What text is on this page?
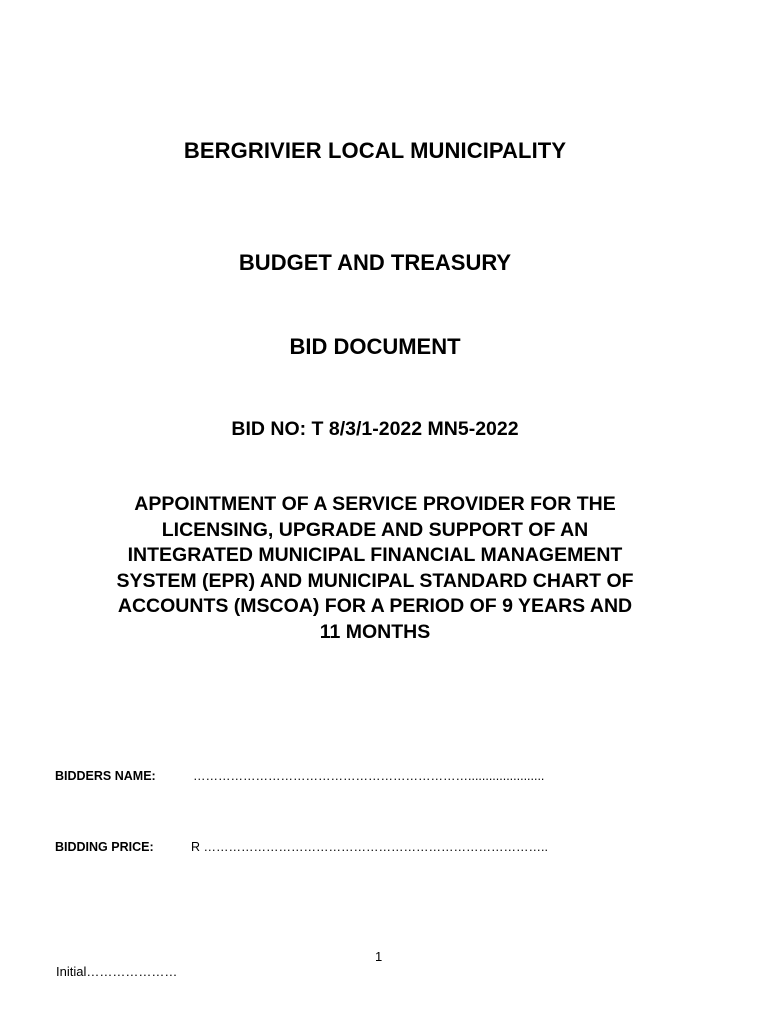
BERGRIVIER LOCAL MUNICIPALITY
BUDGET AND TREASURY
BID DOCUMENT
BID NO: T 8/3/1-2022 MN5-2022
APPOINTMENT OF A SERVICE PROVIDER FOR THE
LICENSING, UPGRADE AND SUPPORT OF AN
INTEGRATED MUNICIPAL FINANCIAL MANAGEMENT
SYSTEM (EPR) AND MUNICIPAL STANDARD CHART OF
ACCOUNTS (MSCOA) FOR A PERIOD OF 9 YEARS AND
11 MONTHS
BIDDERS NAME:	…………………………………………………………......................
BIDDING PRICE:	R ………………………………………………………………………..
1
Initial…………………
